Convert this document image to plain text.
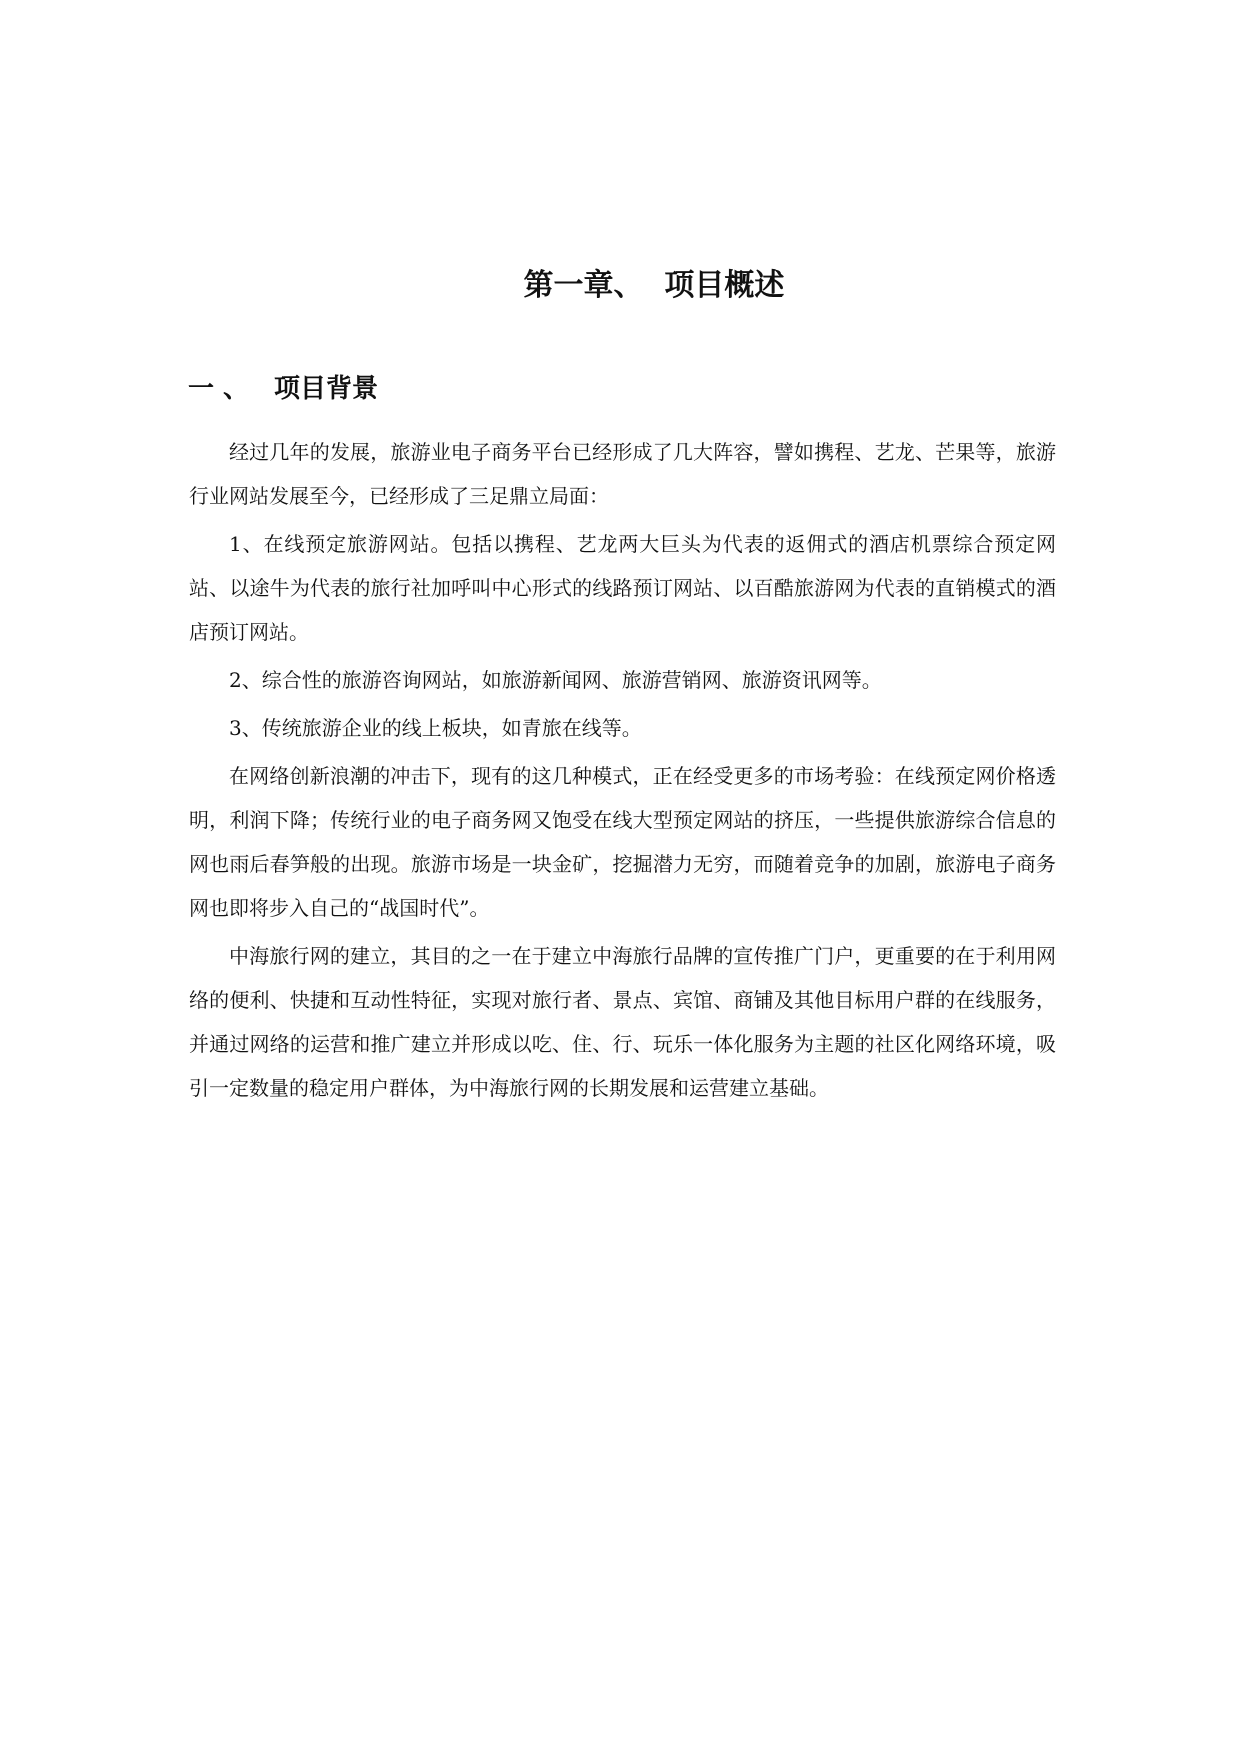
第一章、  项目概述
一 、 项目背景

经过几年的发展，旅游业电子商务平台已经形成了几大阵容，譬如携程、艺龙、芒果等，旅游行业网站发展至今，已经形成了三足鼎立局面：

1、在线预定旅游网站。包括以携程、艺龙两大巨头为代表的返佣式的酒店机票综合预定网站、以途牛为代表的旅行社加呼叫中心形式的线路预订网站、以百酷旅游网为代表的直销模式的酒店预订网站。

2、综合性的旅游咨询网站，如旅游新闻网、旅游营销网、旅游资讯网等。

3、传统旅游企业的线上板块，如青旅在线等。

在网络创新浪潮的冲击下，现有的这几种模式，正在经受更多的市场考验：在线预定网价格透明，利润下降；传统行业的电子商务网又饱受在线大型预定网站的挤压，一些提供旅游综合信息的网也雨后春笋般的出现。旅游市场是一块金矿，挖掘潜力无穷，而随着竞争的加剧，旅游电子商务网也即将步入自己的“战国时代”。

中海旅行网的建立，其目的之一在于建立中海旅行品牌的宣传推广门户，更重要的在于利用网络的便利、快捷和互动性特征，实现对旅行者、景点、宾馆、商铺及其他目标用户群的在线服务，并通过网络的运营和推广建立并形成以吃、住、行、玩乐一体化服务为主题的社区化网络环境，吸引一定数量的稳定用户群体，为中海旅行网的长期发展和运营建立基础。
